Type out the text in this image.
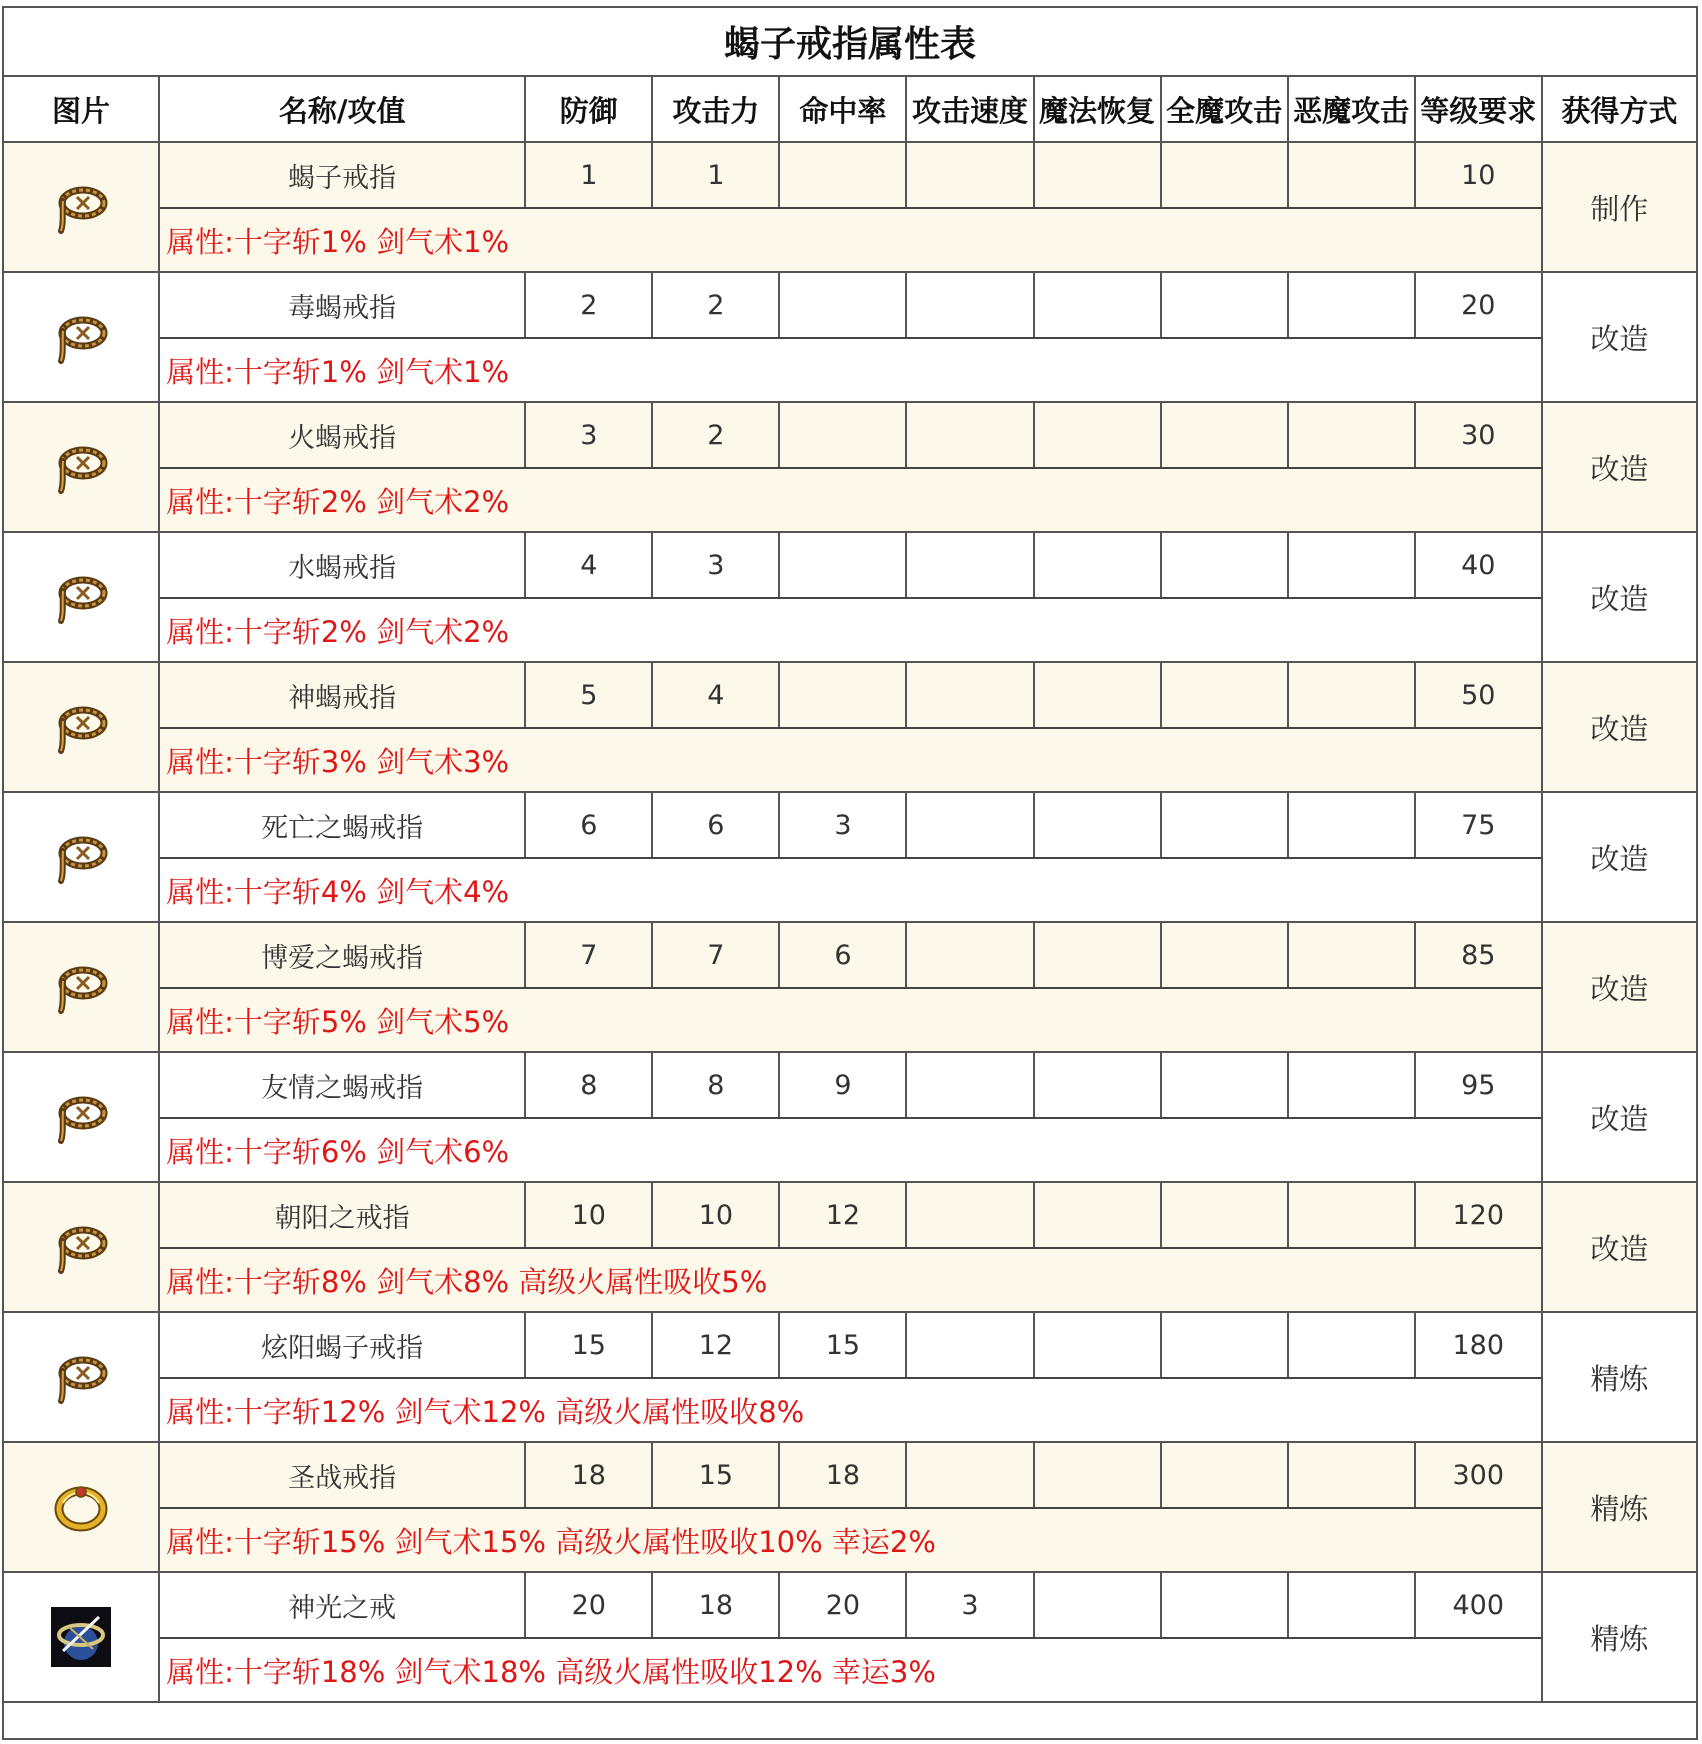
蝎子戒指属性表
图片	名称/攻值	防御	攻击力	命中率	攻击速度	魔法恢复	全魔攻击	恶魔攻击	等级要求	获得方式

	蝎子戒指	1	1						10	制作
	属性:十字斩1% 剑气术1%									

	毒蝎戒指	2	2						20	改造
	属性:十字斩1% 剑气术1%									

	火蝎戒指	3	2						30	改造
	属性:十字斩2% 剑气术2%									

	水蝎戒指	4	3						40	改造
	属性:十字斩2% 剑气术2%									

	神蝎戒指	5	4						50	改造
	属性:十字斩3% 剑气术3%									

	死亡之蝎戒指	6	6	3					75	改造
	属性:十字斩4% 剑气术4%									

	博爱之蝎戒指	7	7	6					85	改造
	属性:十字斩5% 剑气术5%									

	友情之蝎戒指	8	8	9					95	改造
	属性:十字斩6% 剑气术6%									

	朝阳之戒指	10	10	12					120	改造
	属性:十字斩8% 剑气术8% 高级火属性吸收5%									

	炫阳蝎子戒指	15	12	15					180	精炼
	属性:十字斩12% 剑气术12% 高级火属性吸收8%									

	圣战戒指	18	15	18					300	精炼
	属性:十字斩15% 剑气术15% 高级火属性吸收10% 幸运2%									

	神光之戒	20	18	20	3				400	精炼
	属性:十字斩18% 剑气术18% 高级火属性吸收12% 幸运3%									
